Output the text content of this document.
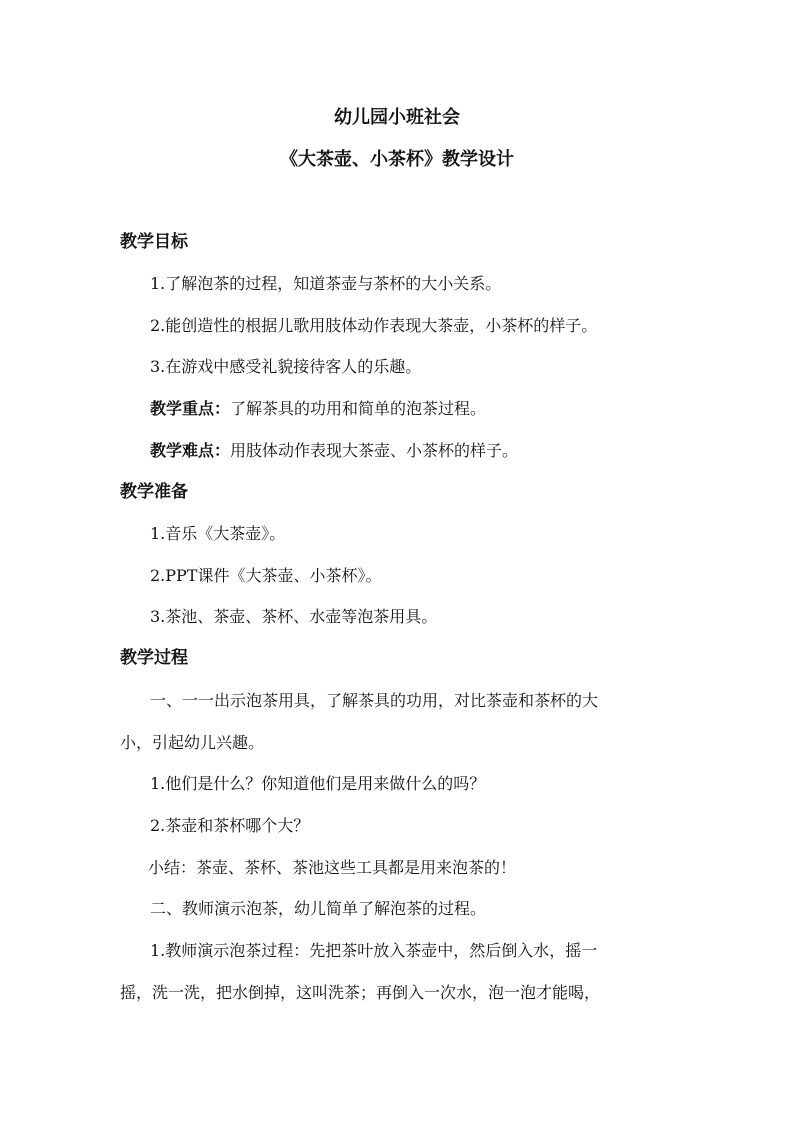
幼儿园小班社会
《大茶壶、小茶杯》教学设计
教学目标
1.了解泡茶的过程，知道茶壶与茶杯的大小关系。
2.能创造性的根据儿歌用肢体动作表现大茶壶，小茶杯的样子。
3.在游戏中感受礼貌接待客人的乐趣。
教学重点：了解茶具的功用和简单的泡茶过程。
教学难点：用肢体动作表现大茶壶、小茶杯的样子。
教学准备
1.音乐《大茶壶》。
2.PPT课件《大茶壶、小茶杯》。
3.茶池、茶壶、茶杯、水壶等泡茶用具。
教学过程
一、一一出示泡茶用具，了解茶具的功用，对比茶壶和茶杯的大
小，引起幼儿兴趣。
1.他们是什么？你知道他们是用来做什么的吗？
2.茶壶和茶杯哪个大？
小结：茶壶、茶杯、茶池这些工具都是用来泡茶的！
二、教师演示泡茶，幼儿简单了解泡茶的过程。
1.教师演示泡茶过程：先把茶叶放入茶壶中，然后倒入水，摇一
摇，洗一洗，把水倒掉，这叫洗茶；再倒入一次水，泡一泡才能喝，
